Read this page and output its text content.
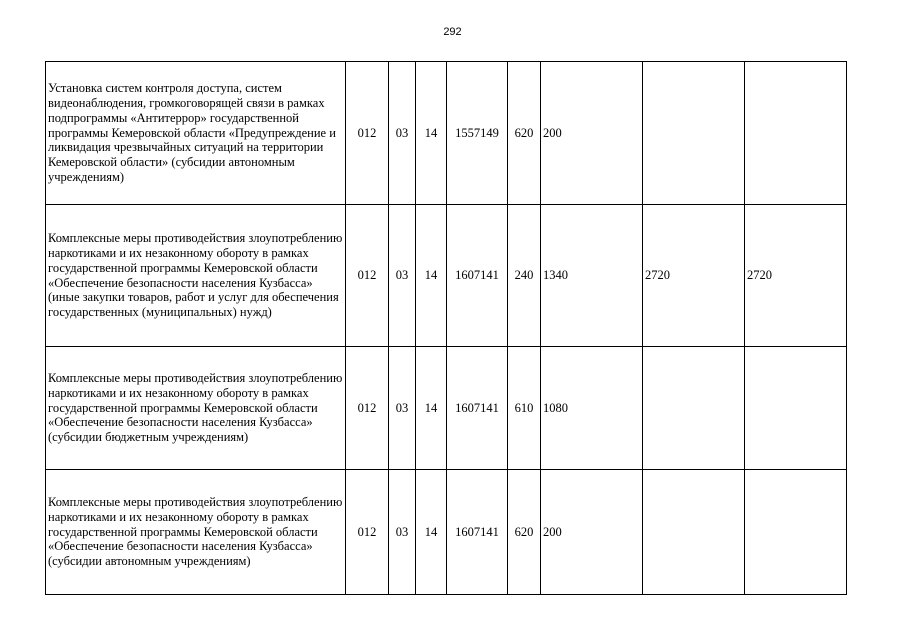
292
Установка систем контроля доступа, систем видеонаблюдения, громкоговорящей связи в рамках подпрограммы «Антитеррор» государственной программы Кемеровской области «Предупреждение и ликвидация чрезвычайных ситуаций на территории Кемеровской области» (субсидии автономным учреждениям)	012	03	14	1557149	620	200		
Комплексные меры противодействия злоупотреблению наркотиками и их незаконному обороту в рамках государственной программы Кемеровской области «Обеспечение безопасности населения Кузбасса» (иные закупки товаров, работ и услуг для обеспечения государственных (муниципальных) нужд)	012	03	14	1607141	240	1340	2720	2720
Комплексные меры противодействия злоупотреблению наркотиками и их незаконному обороту в рамках государственной программы Кемеровской области «Обеспечение безопасности населения Кузбасса» (субсидии бюджетным учреждениям)	012	03	14	1607141	610	1080		
Комплексные меры противодействия злоупотреблению наркотиками и их незаконному обороту в рамках государственной программы Кемеровской области «Обеспечение безопасности населения Кузбасса» (субсидии автономным учреждениям)	012	03	14	1607141	620	200		
